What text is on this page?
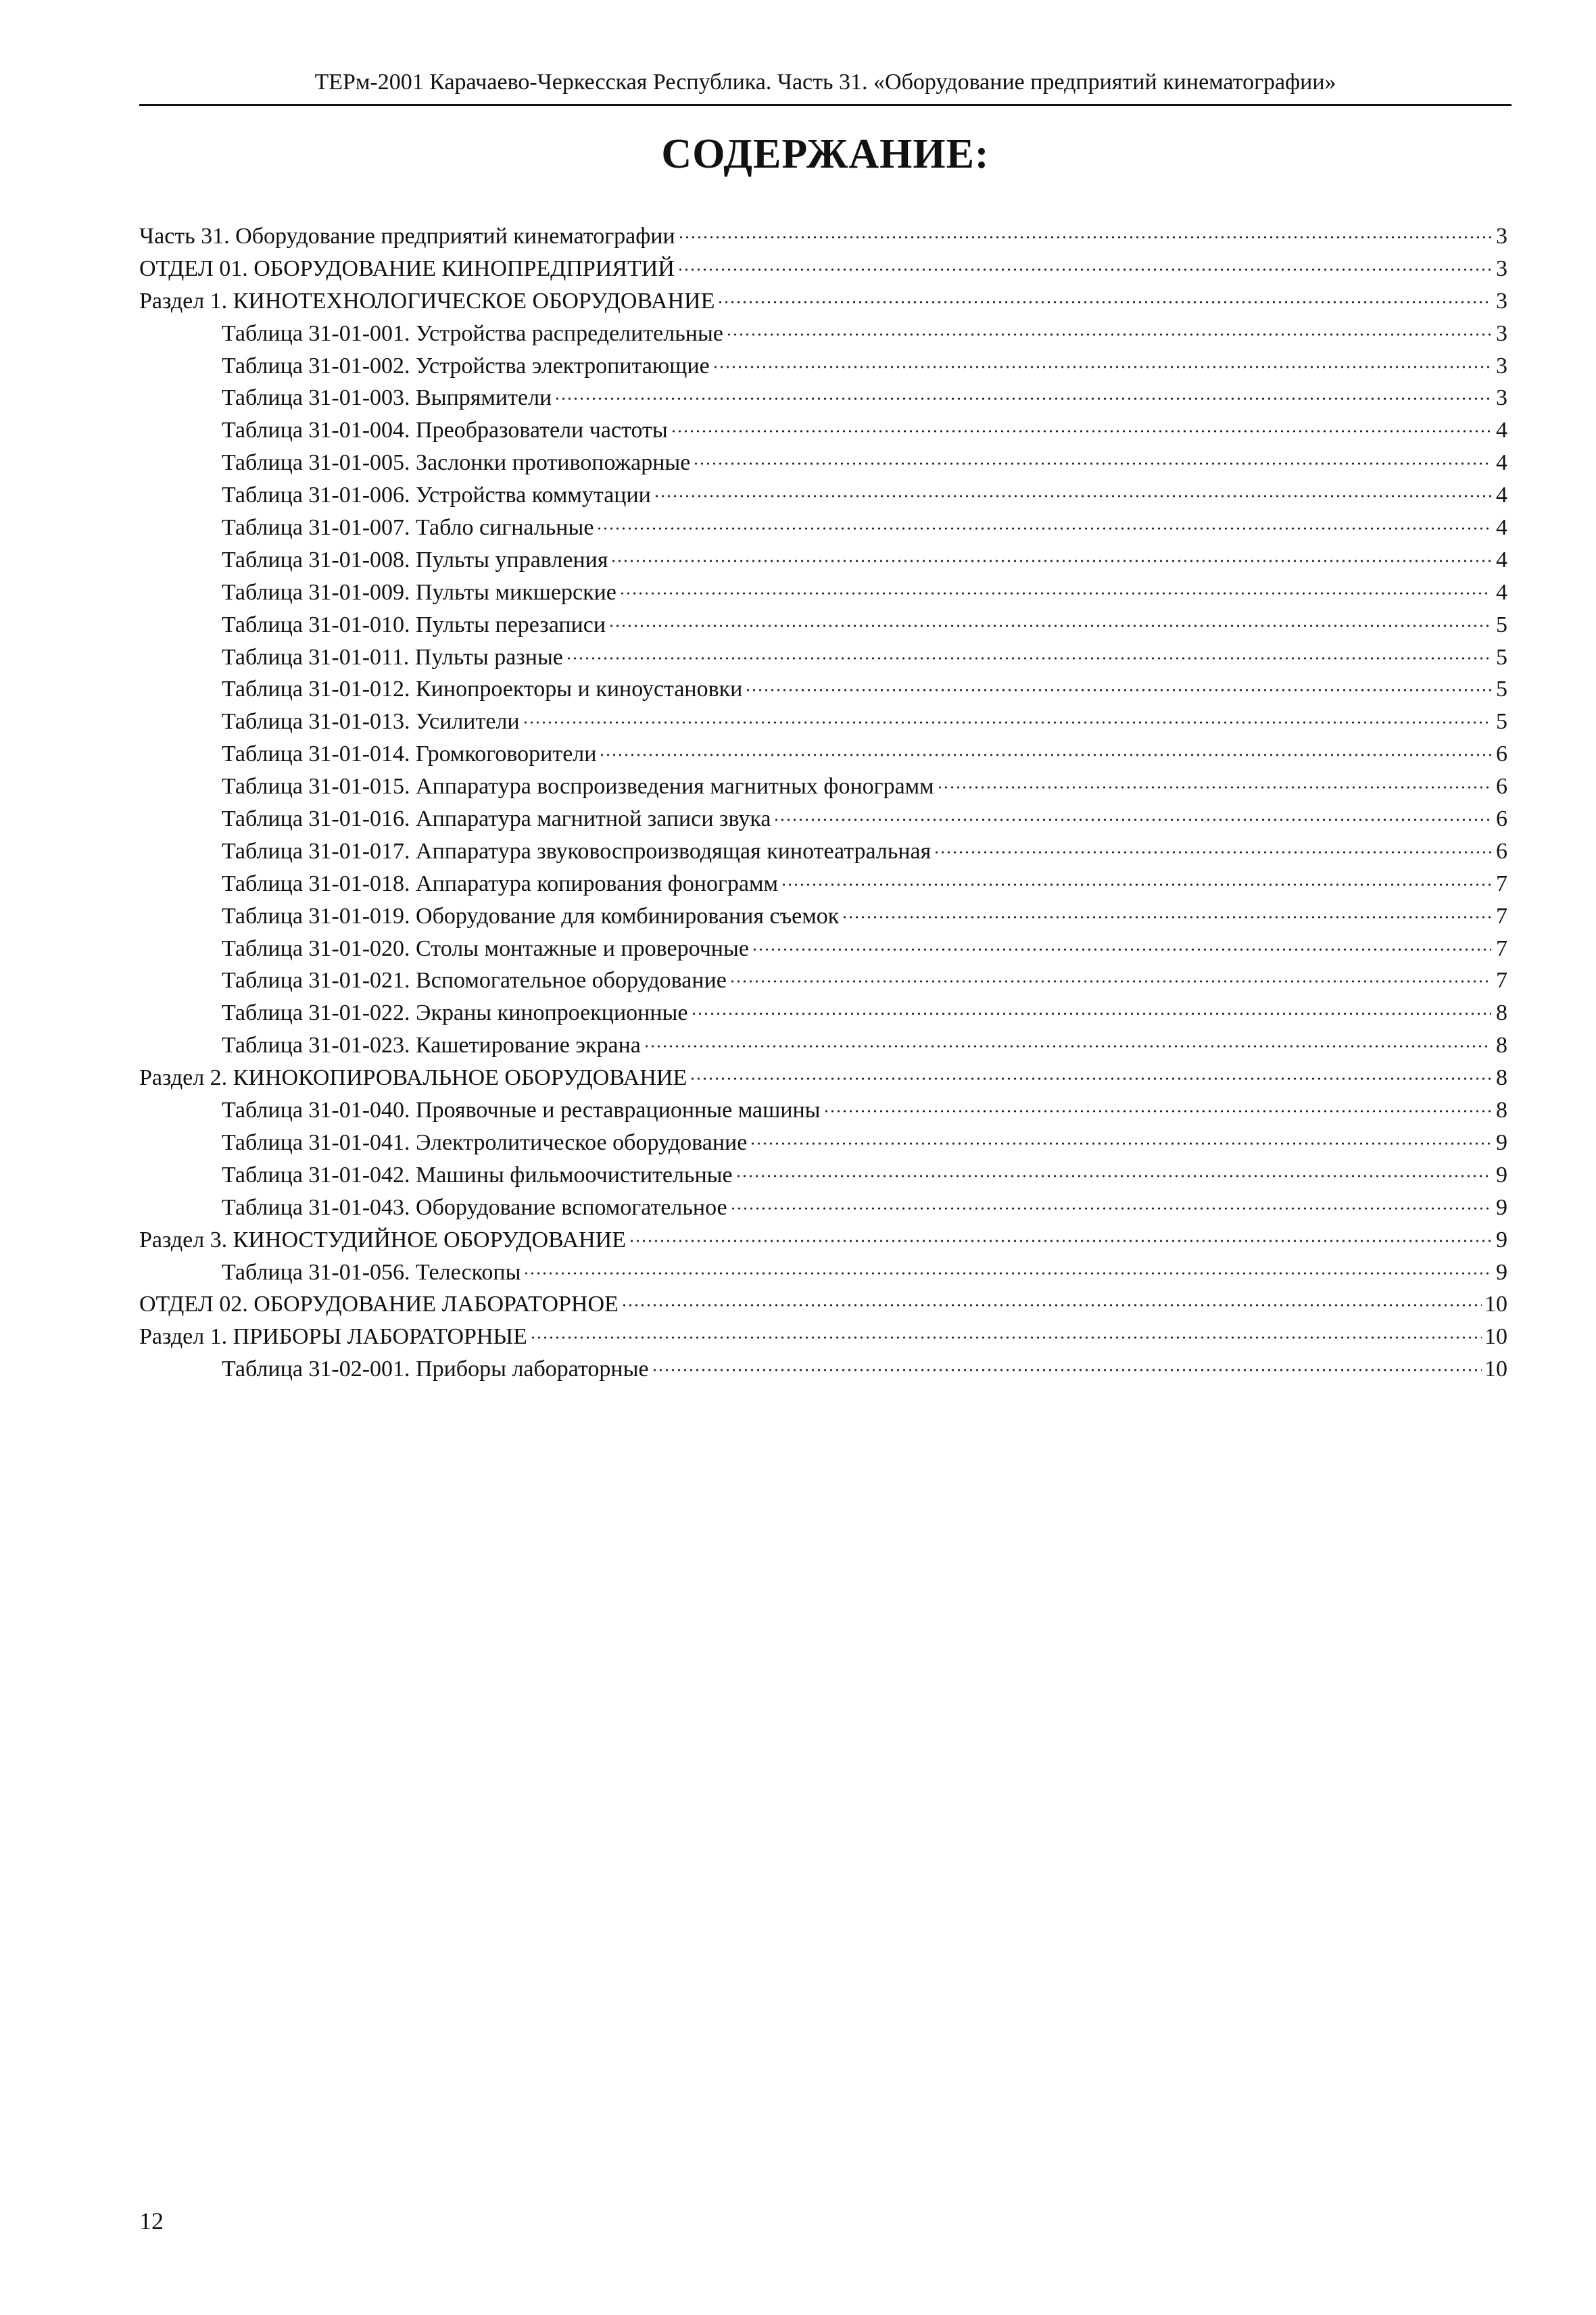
ТЕРм-2001 Карачаево-Черкесская Республика. Часть 31. «Оборудование предприятий кинематографии»
СОДЕРЖАНИЕ:
Часть 31. Оборудование предприятий кинематографии	3
ОТДЕЛ 01. ОБОРУДОВАНИЕ КИНОПРЕДПРИЯТИЙ	3
Раздел 1. КИНОТЕХНОЛОГИЧЕСКОЕ ОБОРУДОВАНИЕ	3
Таблица 31-01-001. Устройства распределительные	3
Таблица 31-01-002. Устройства электропитающие	3
Таблица 31-01-003. Выпрямители	3
Таблица 31-01-004. Преобразователи частоты	4
Таблица 31-01-005. Заслонки противопожарные	4
Таблица 31-01-006. Устройства коммутации	4
Таблица 31-01-007. Табло сигнальные	4
Таблица 31-01-008. Пульты управления	4
Таблица 31-01-009. Пульты микшерские	4
Таблица 31-01-010. Пульты перезаписи	5
Таблица 31-01-011. Пульты разные	5
Таблица 31-01-012. Кинопроекторы и киноустановки	5
Таблица 31-01-013. Усилители	5
Таблица 31-01-014. Громкоговорители	6
Таблица 31-01-015. Аппаратура воспроизведения магнитных фонограмм	6
Таблица 31-01-016. Аппаратура магнитной записи звука	6
Таблица 31-01-017. Аппаратура звуковоспроизводящая кинотеатральная	6
Таблица 31-01-018. Аппаратура копирования фонограмм	7
Таблица 31-01-019. Оборудование для комбинирования съемок	7
Таблица 31-01-020. Столы монтажные и проверочные	7
Таблица 31-01-021. Вспомогательное оборудование	7
Таблица 31-01-022. Экраны кинопроекционные	8
Таблица 31-01-023. Кашетирование экрана	8
Раздел 2. КИНОКОПИРОВАЛЬНОЕ ОБОРУДОВАНИЕ	8
Таблица 31-01-040. Проявочные и реставрационные машины	8
Таблица 31-01-041. Электролитическое оборудование	9
Таблица 31-01-042. Машины фильмоочистительные	9
Таблица 31-01-043. Оборудование вспомогательное	9
Раздел 3. КИНОСТУДИЙНОЕ ОБОРУДОВАНИЕ	9
Таблица 31-01-056. Телескопы	9
ОТДЕЛ 02. ОБОРУДОВАНИЕ ЛАБОРАТОРНОЕ	10
Раздел 1. ПРИБОРЫ ЛАБОРАТОРНЫЕ	10
Таблица 31-02-001. Приборы лабораторные	10
12
